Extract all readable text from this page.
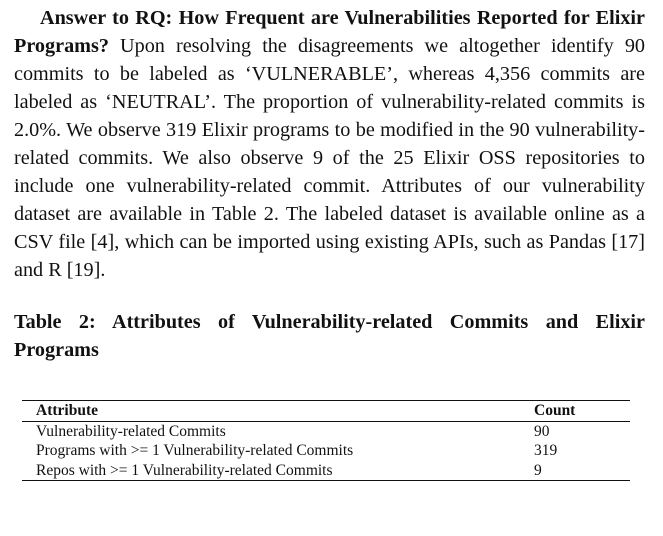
Answer to RQ: How Frequent are Vulnerabilities Reported for Elixir Programs? Upon resolving the disagreements we altogether identify 90 commits to be labeled as ‘VULNERABLE’, whereas 4,356 commits are labeled as ‘NEUTRAL’. The proportion of vulnerability-related commits is 2.0%. We observe 319 Elixir programs to be modified in the 90 vulnerability-related commits. We also observe 9 of the 25 Elixir OSS repositories to include one vulnerability-related commit. Attributes of our vulnerability dataset are available in Table 2. The labeled dataset is available online as a CSV file [4], which can be imported using existing APIs, such as Pandas [17] and R [19].

Table 2: Attributes of Vulnerability-related Commits and Elixir Programs
Attribute	Count
Vulnerability-related Commits	90
Programs with >= 1 Vulnerability-related Commits	319
Repos with >= 1 Vulnerability-related Commits	9
